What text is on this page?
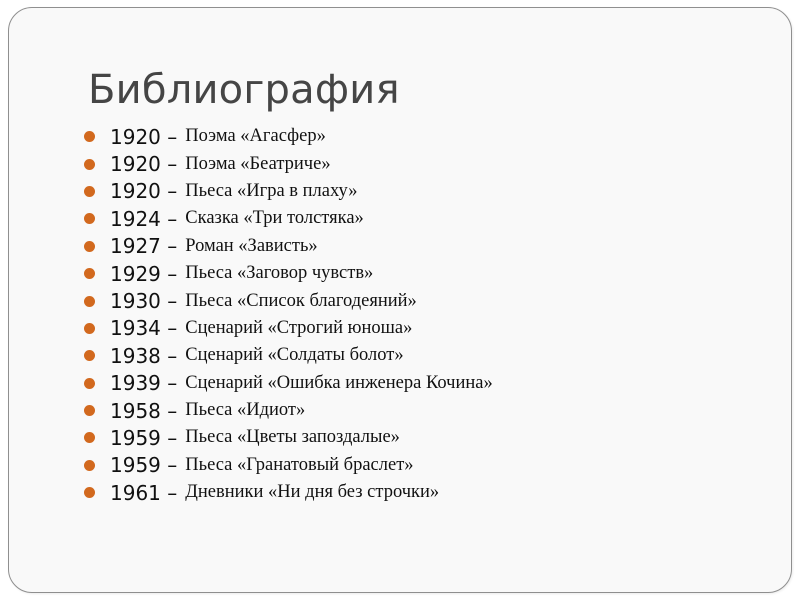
Библиография
1920 – Поэма «Агасфер»
1920 – Поэма «Беатриче»
1920 – Пьеса «Игра в плаху»
1924 – Сказка «Три толстяка»
1927 – Роман «Зависть»
1929 – Пьеса «Заговор чувств»
1930 – Пьеса «Список благодеяний»
1934 – Сценарий «Строгий юноша»
1938 – Сценарий «Солдаты болот»
1939 – Сценарий «Ошибка инженера Кочина»
1958 – Пьеса «Идиот»
1959 – Пьеса «Цветы запоздалые»
1959 – Пьеса «Гранатовый браслет»
1961 – Дневники «Ни дня без строчки»
